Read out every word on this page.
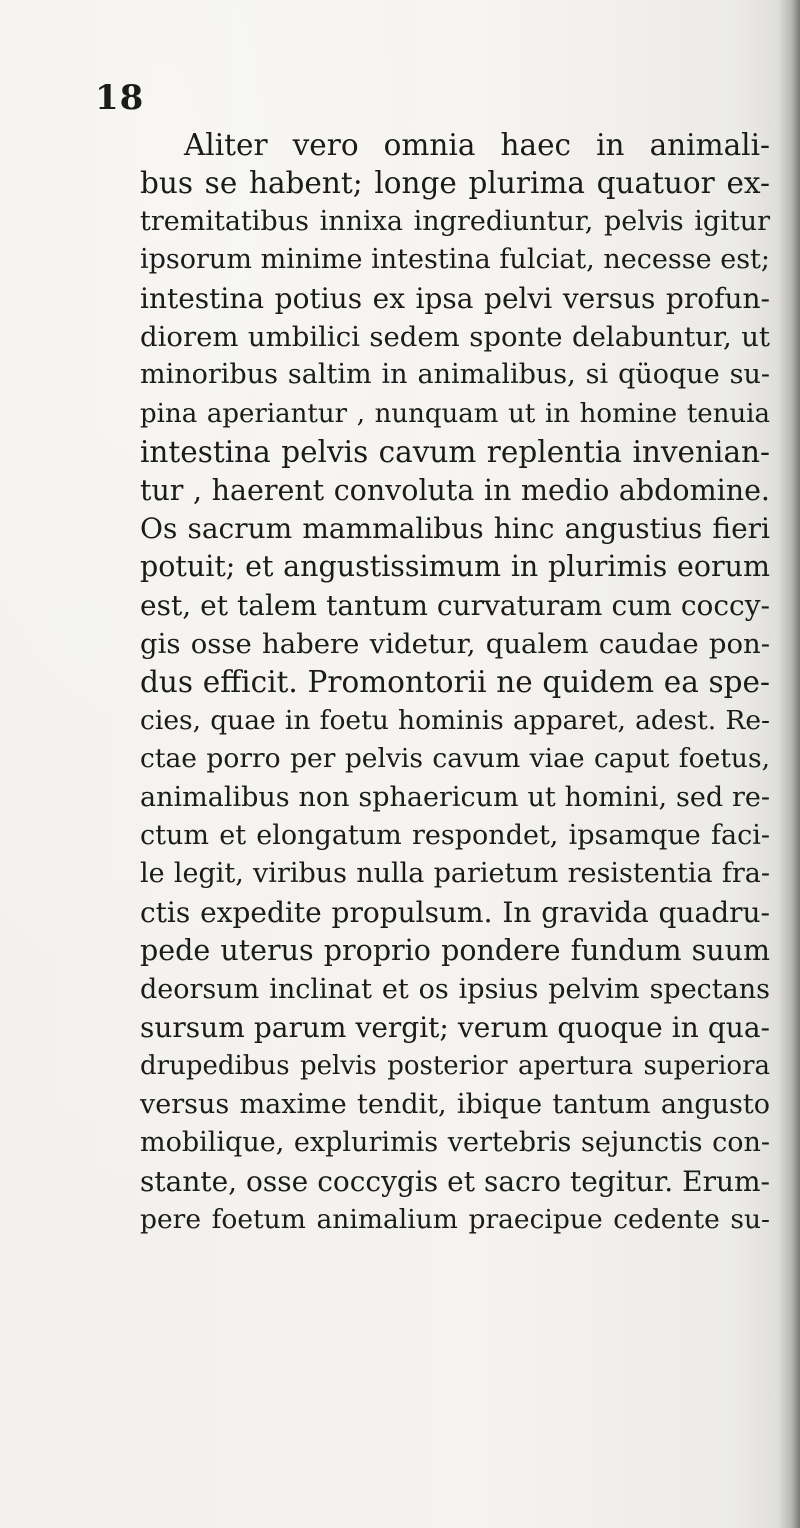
18
Aliter vero omnia haec in animali-
bus se habent; longe plurima quatuor ex-
tremitatibus innixa ingrediuntur, pelvis igitur
ipsorum minime intestina fulciat, necesse est;
intestina potius ex ipsa pelvi versus profun-
diorem umbilici sedem sponte delabuntur, ut
minoribus saltim in animalibus, si qüoque su-
pina aperiantur , nunquam ut in homine tenuia
intestina pelvis cavum replentia invenian-
tur , haerent convoluta in medio abdomine.
Os sacrum mammalibus hinc angustius fieri
potuit; et angustissimum in plurimis eorum
est, et talem tantum curvaturam cum coccy-
gis osse habere videtur, qualem caudae pon-
dus efficit. Promontorii ne quidem ea spe-
cies, quae in foetu hominis apparet, adest. Re-
ctae porro per pelvis cavum viae caput foetus,
animalibus non sphaericum ut homini, sed re-
ctum et elongatum respondet, ipsamque faci-
le legit, viribus nulla parietum resistentia fra-
ctis expedite propulsum. In gravida quadru-
pede uterus proprio pondere fundum suum
deorsum inclinat et os ipsius pelvim spectans
sursum parum vergit; verum quoque in qua-
drupedibus pelvis posterior apertura superiora
versus maxime tendit, ibique tantum angusto
mobilique, explurimis vertebris sejunctis con-
stante, osse coccygis et sacro tegitur. Erum-
pere foetum animalium praecipue cedente su-
